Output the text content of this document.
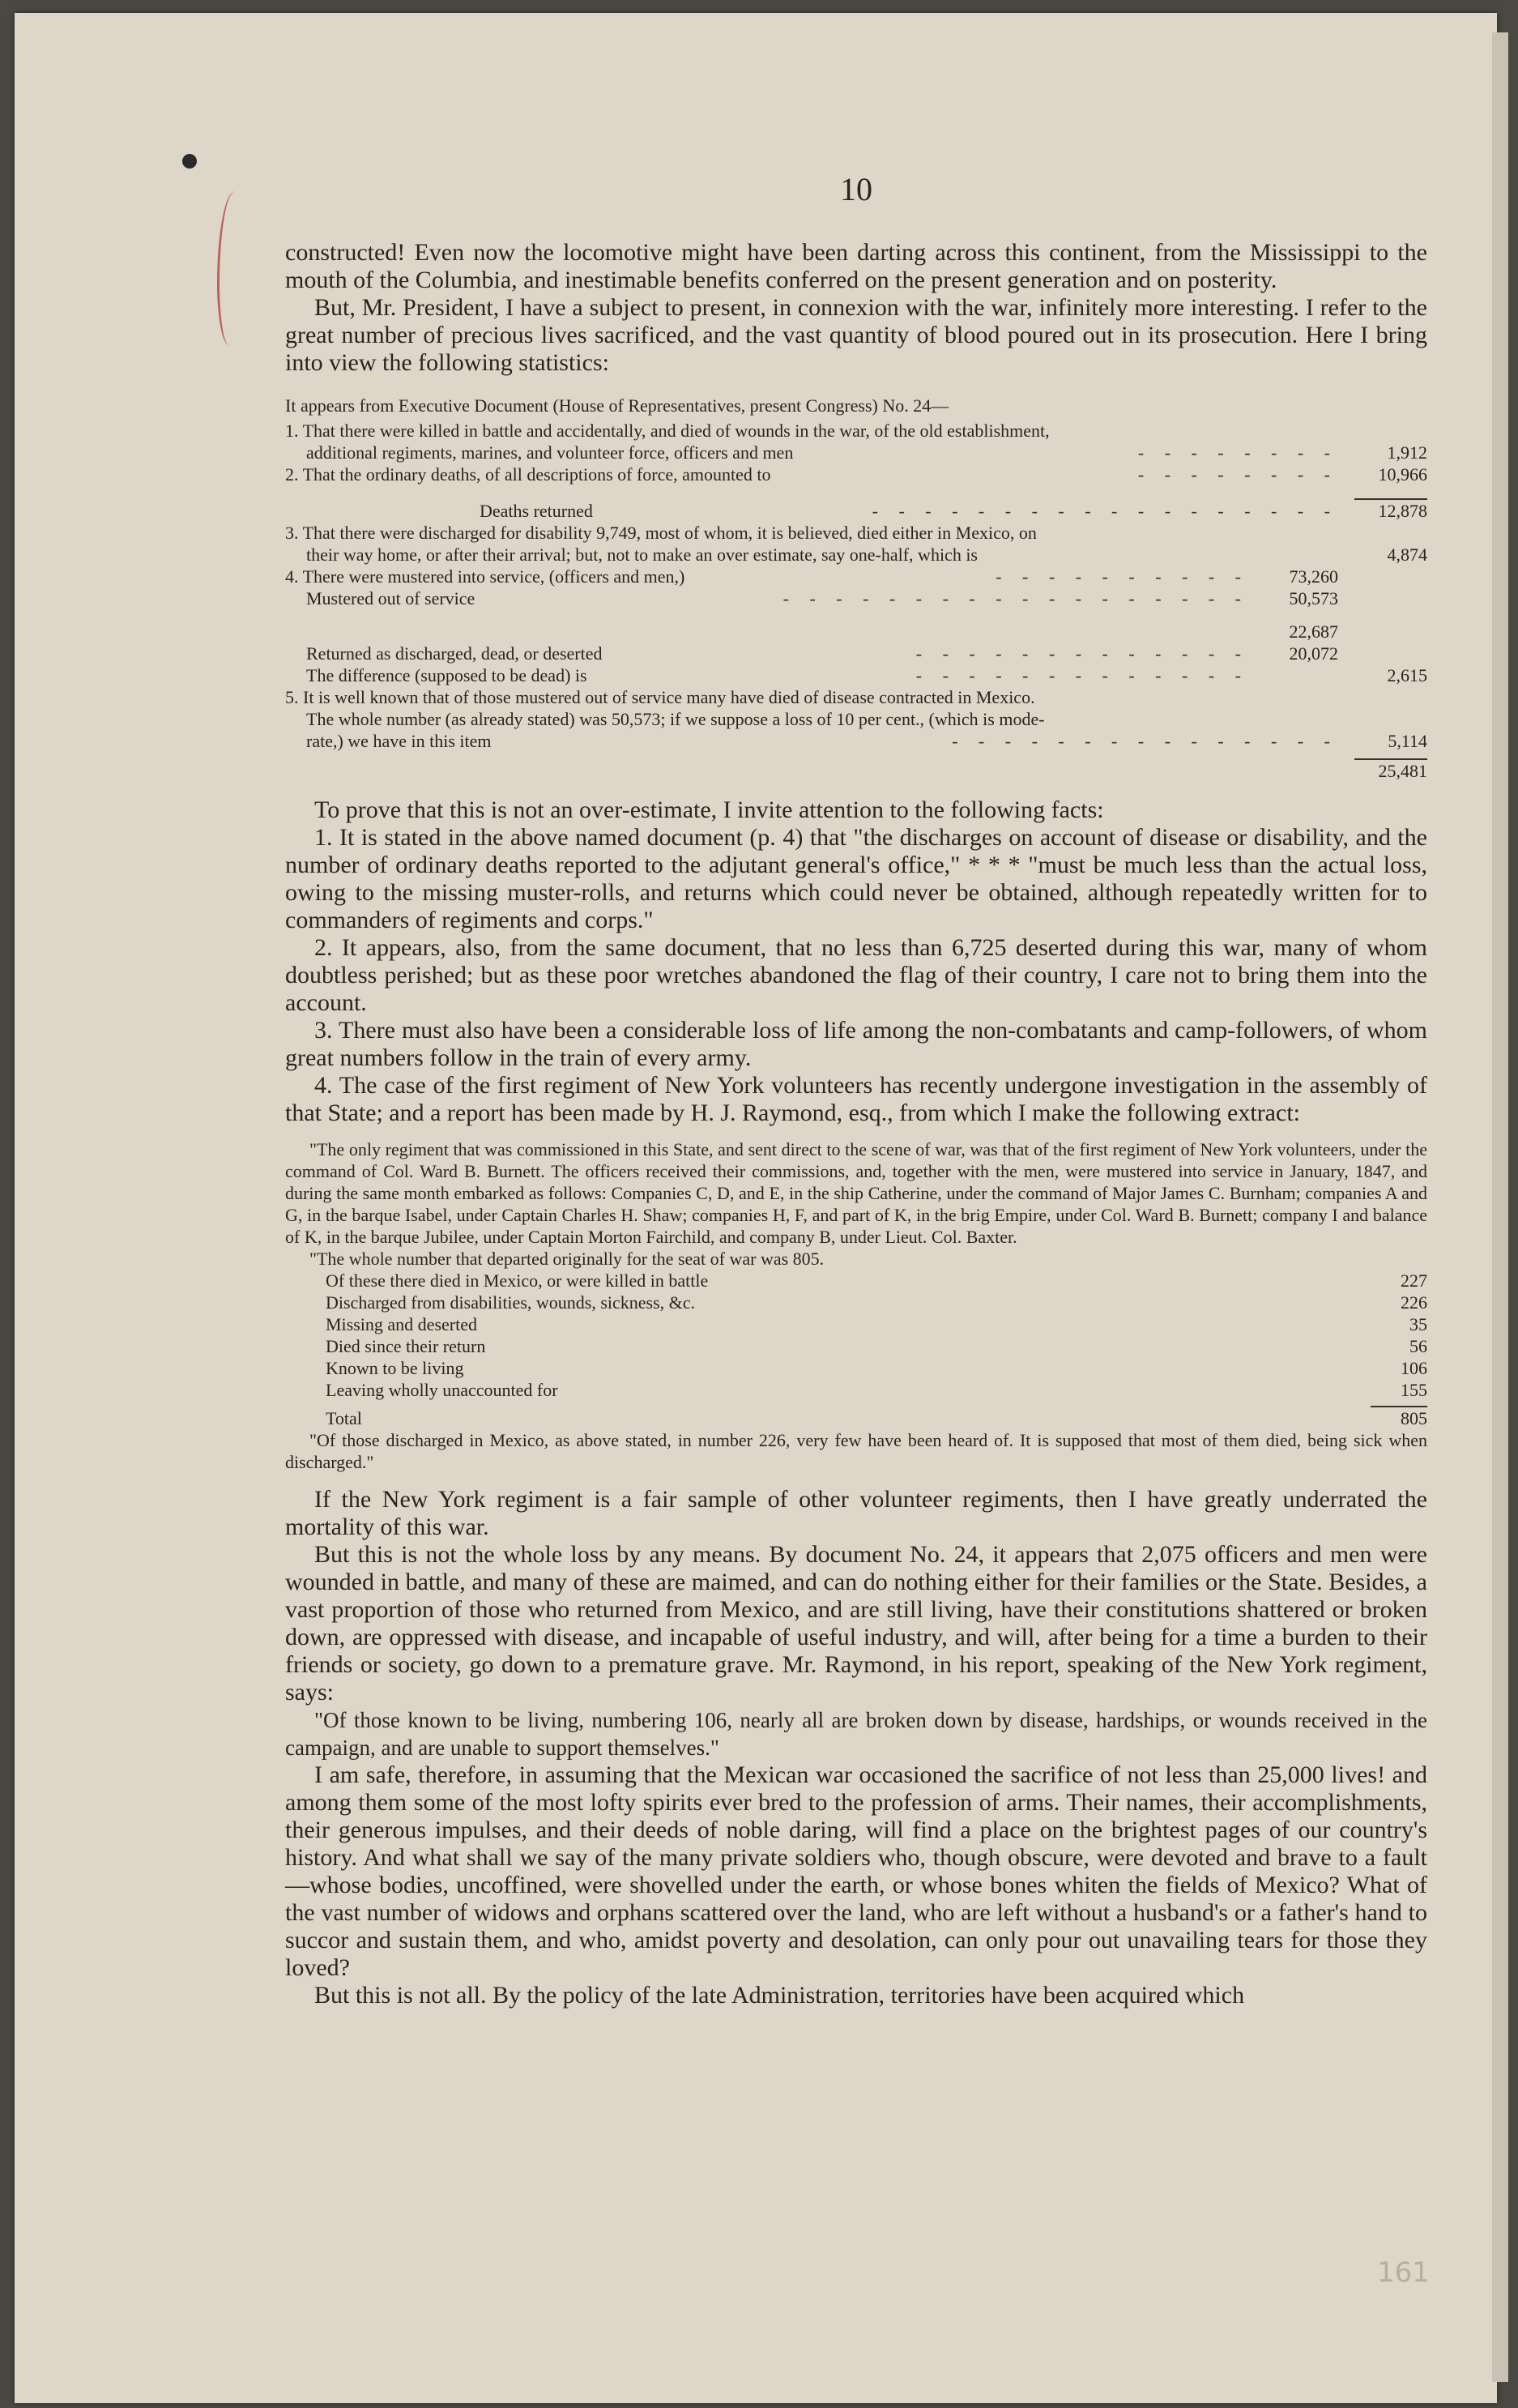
10

constructed! Even now the locomotive might have been darting across this continent, from the Mississippi to the mouth of the Columbia, and inestimable benefits conferred on the present generation and on posterity.

But, Mr. President, I have a subject to present, in connexion with the war, infinitely more interesting. I refer to the great number of precious lives sacrificed, and the vast quantity of blood poured out in its prosecution. Here I bring into view the following statistics:

It appears from Executive Document (House of Representatives, present Congress) No. 24—
1. That there were killed in battle and accidentally, and died of wounds in the war, of the old establishment,
additional regiments, marines, and volunteer force, officers and men	- - - - - - - -	1,912
2. That the ordinary deaths, of all descriptions of force, amounted to	- - - - - - - -	10,966
Deaths returned	- - - - - - - - - - - - - - - - - -	12,878
3. That there were discharged for disability 9,749, most of whom, it is believed, died either in Mexico, on
their way home, or after their arrival; but, not to make an over estimate, say one-half, which is	4,874
4. There were mustered into service, (officers and men,)	- - - - - - - - - -	73,260
Mustered out of service	- - - - - - - - - - - - - - - - - -	50,573
22,687
Returned as discharged, dead, or deserted	- - - - - - - - - - - - -	20,072
The difference (supposed to be dead) is	- - - - - - - - - - - - -	2,615
5. It is well known that of those mustered out of service many have died of disease contracted in Mexico.
The whole number (as already stated) was 50,573; if we suppose a loss of 10 per cent., (which is mode-
rate,) we have in this item	- - - - - - - - - - - - - - -	5,114
25,481

To prove that this is not an over-estimate, I invite attention to the following facts:

1. It is stated in the above named document (p. 4) that "the discharges on account of disease or disability, and the number of ordinary deaths reported to the adjutant general's office," * * * "must be much less than the actual loss, owing to the missing muster-rolls, and returns which could never be obtained, although repeatedly written for to commanders of regiments and corps."

2. It appears, also, from the same document, that no less than 6,725 deserted during this war, many of whom doubtless perished; but as these poor wretches abandoned the flag of their country, I care not to bring them into the account.

3. There must also have been a considerable loss of life among the non-combatants and camp-followers, of whom great numbers follow in the train of every army.

4. The case of the first regiment of New York volunteers has recently undergone investigation in the assembly of that State; and a report has been made by H. J. Raymond, esq., from which I make the following extract:

"The only regiment that was commissioned in this State, and sent direct to the scene of war, was that of the first regiment of New York volunteers, under the command of Col. Ward B. Burnett. The officers received their commissions, and, together with the men, were mustered into service in January, 1847, and during the same month embarked as follows: Companies C, D, and E, in the ship Catherine, under the command of Major James C. Burnham; companies A and G, in the barque Isabel, under Captain Charles H. Shaw; companies H, F, and part of K, in the brig Empire, under Col. Ward B. Burnett; company I and balance of K, in the barque Jubilee, under Captain Morton Fairchild, and company B, under Lieut. Col. Baxter.
"The whole number that departed originally for the seat of war was 805.
Of these there died in Mexico, or were killed in battle	227
Discharged from disabilities, wounds, sickness, &c.	226
Missing and deserted	35
Died since their return	56
Known to be living	106
Leaving wholly unaccounted for	155
Total	805
"Of those discharged in Mexico, as above stated, in number 226, very few have been heard of. It is supposed that most of them died, being sick when discharged."

If the New York regiment is a fair sample of other volunteer regiments, then I have greatly underrated the mortality of this war.

But this is not the whole loss by any means. By document No. 24, it appears that 2,075 officers and men were wounded in battle, and many of these are maimed, and can do nothing either for their families or the State. Besides, a vast proportion of those who returned from Mexico, and are still living, have their constitutions shattered or broken down, are oppressed with disease, and incapable of useful industry, and will, after being for a time a burden to their friends or society, go down to a premature grave. Mr. Raymond, in his report, speaking of the New York regiment, says:

"Of those known to be living, numbering 106, nearly all are broken down by disease, hardships, or wounds received in the campaign, and are unable to support themselves."

I am safe, therefore, in assuming that the Mexican war occasioned the sacrifice of not less than 25,000 lives! and among them some of the most lofty spirits ever bred to the profession of arms. Their names, their accomplishments, their generous impulses, and their deeds of noble daring, will find a place on the brightest pages of our country's history. And what shall we say of the many private soldiers who, though obscure, were devoted and brave to a fault—whose bodies, uncoffined, were shovelled under the earth, or whose bones whiten the fields of Mexico? What of the vast number of widows and orphans scattered over the land, who are left without a husband's or a father's hand to succor and sustain them, and who, amidst poverty and desolation, can only pour out unavailing tears for those they loved?

But this is not all. By the policy of the late Administration, territories have been acquired which

161
